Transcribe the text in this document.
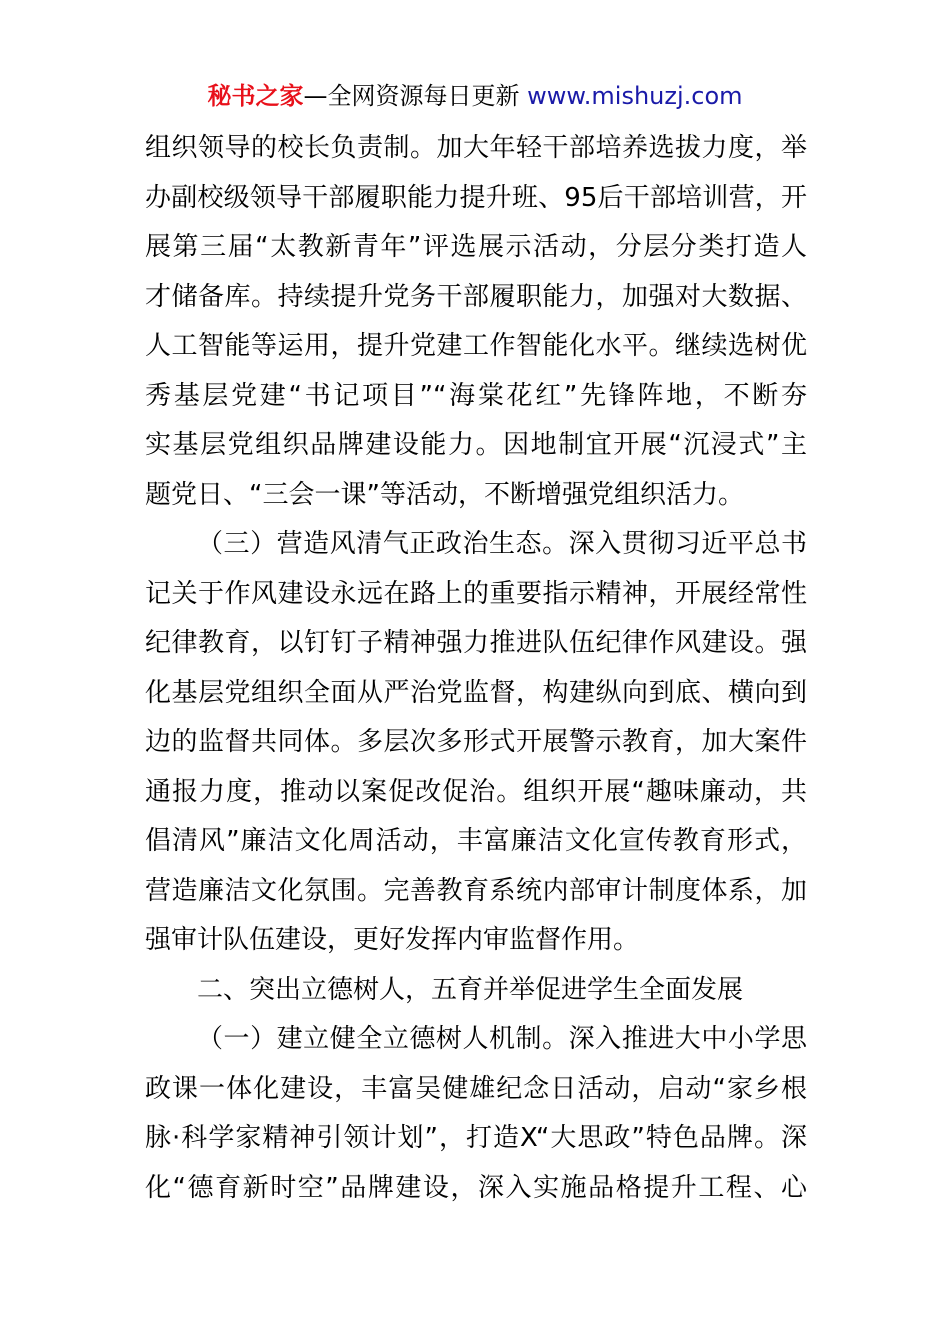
秘书之家—全网资源每日更新 www.mishuzj.com
组织领导的校长负责制。加大年轻干部培养选拔力度，举
办副校级领导干部履职能力提升班、95后干部培训营，开
展第三届“太教新青年”评选展示活动，分层分类打造人
才储备库。持续提升党务干部履职能力，加强对大数据、
人工智能等运用，提升党建工作智能化水平。继续选树优
秀基层党建“书记项目”“海棠花红”先锋阵地，不断夯
实基层党组织品牌建设能力。因地制宜开展“沉浸式”主
题党日、“三会一课”等活动，不断增强党组织活力。
（三）营造风清气正政治生态。深入贯彻习近平总书
记关于作风建设永远在路上的重要指示精神，开展经常性
纪律教育，以钉钉子精神强力推进队伍纪律作风建设。强
化基层党组织全面从严治党监督，构建纵向到底、横向到
边的监督共同体。多层次多形式开展警示教育，加大案件
通报力度，推动以案促改促治。组织开展“趣味廉动，共
倡清风”廉洁文化周活动，丰富廉洁文化宣传教育形式，
营造廉洁文化氛围。完善教育系统内部审计制度体系，加
强审计队伍建设，更好发挥内审监督作用。
二、突出立德树人，五育并举促进学生全面发展
（一）建立健全立德树人机制。深入推进大中小学思
政课一体化建设，丰富吴健雄纪念日活动，启动“家乡根
脉·科学家精神引领计划”，打造X“大思政”特色品牌。深
化“德育新时空”品牌建设，深入实施品格提升工程、心
